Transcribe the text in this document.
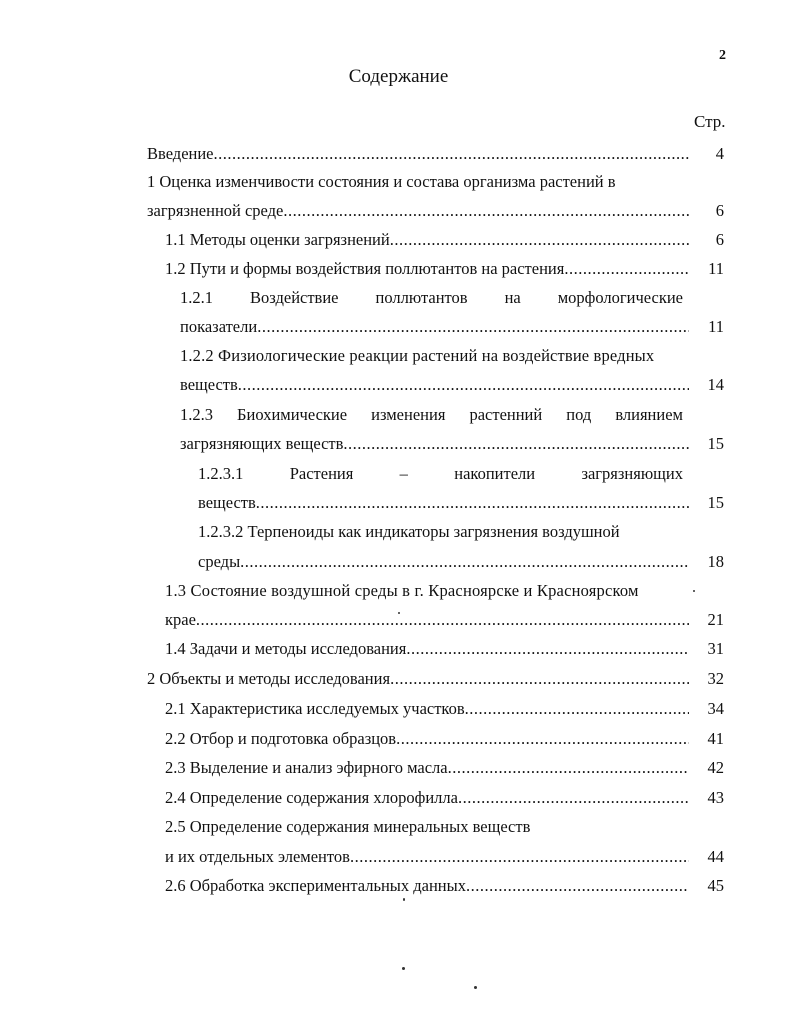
2
Содержание
Стр.
Введение .....	4
1 Оценка изменчивости состояния и состава организма растений в
загрязненной среде .....	6
1.1 Методы оценки загрязнений .....	6
1.2 Пути и формы воздействия поллютантов на растения .....	11
1.2.1 Воздействие поллютантов на морфологические
показатели .....	11
1.2.2 Физиологические реакции растений на воздействие вредных
веществ .....	14
1.2.3 Биохимические изменения растенний под влиянием
загрязняющих веществ .....	15
1.2.3.1	Растения	–	накопители	загрязняющих
веществ .....	15
1.2.3.2 Терпеноиды как индикаторы загрязнения воздушной
среды .....	18
1.3 Состояние воздушной среды в г. Красноярске и Красноярском
крае .....	21
1.4 Задачи и методы исследования .....	31
2 Объекты и методы исследования .....	32
2.1 Характеристика исследуемых участков .....	34
2.2 Отбор и подготовка образцов .....	41
2.3 Выделение и анализ эфирного масла .....	42
2.4 Определение содержания хлорофилла .....	43
2.5 Определение содержания минеральных веществ
и их отдельных элементов .....	44
2.6 Обработка экспериментальных данных .....	45
